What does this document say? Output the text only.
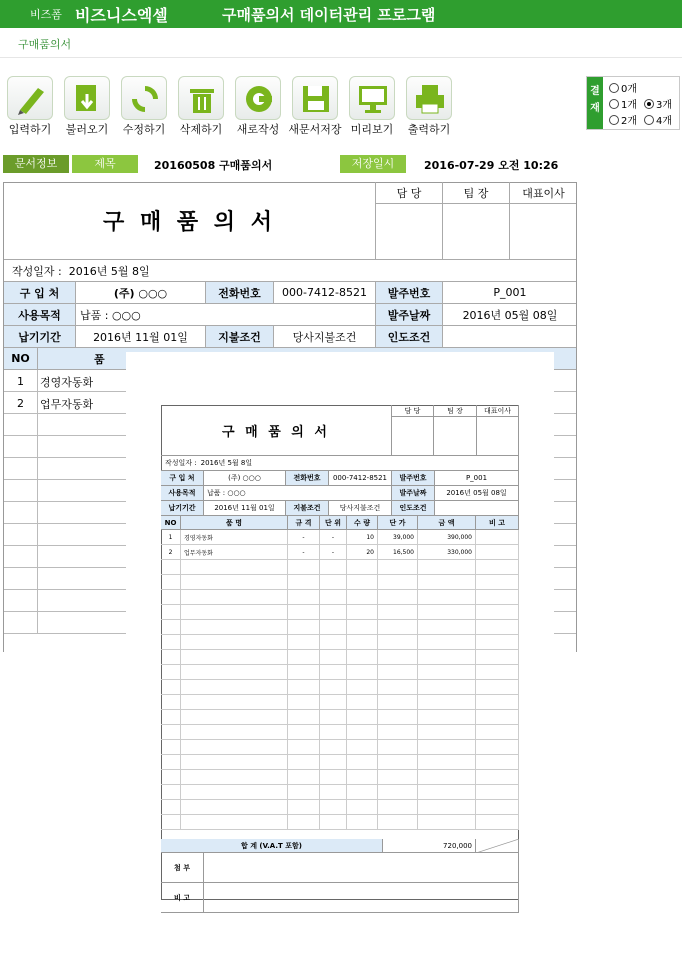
비즈폼 비즈니스엑셀	구매품의서 데이터관리 프로그램
구매품의서
입력하기	불러오기	수정하기	삭제하기	새로작성 새문서저장 미리보기	출력하기
결재
0개
1개 3개
2개 4개
문서정보	제목	20160508 구매품의서	저장일시	2016-07-29 오전 10:26
구 매 품 의 서
담 당	팀 장	대표이사
작성일자 :
2016년 5월 8일
구 입 처	(주) ○○○	전화번호	000-7412-8521	발주번호	P_001
사용목적	납품 : ○○○	발주날짜	2016년 05월 08일
납기기간	2016년 11월 01일	지불조건	당사지불조건	인도조건
NO	품
1	경영자동화
2	업무자동화
구 매 품 의 서
담 당	팀 장	대표이사
작성일자 : 2016년 5월 8일
구 입 처	(주) ○○○	전화번호	000-7412-8521	발주번호	P_001
사용목적	납품 : ○○○	발주날짜	2016년 05월 08일
납기기간	2016년 11월 01일	지불조건	당사지불조건	인도조건
NO	품 명	규 격	단 위	수 량	단 가	금 액	비 고
1	경영자동화	-	-	10	39,000	390,000
2	업무자동화	-	-	20	16,500	330,000
합 계 (V.A.T 포함)	720,000
첨 부
비 고
